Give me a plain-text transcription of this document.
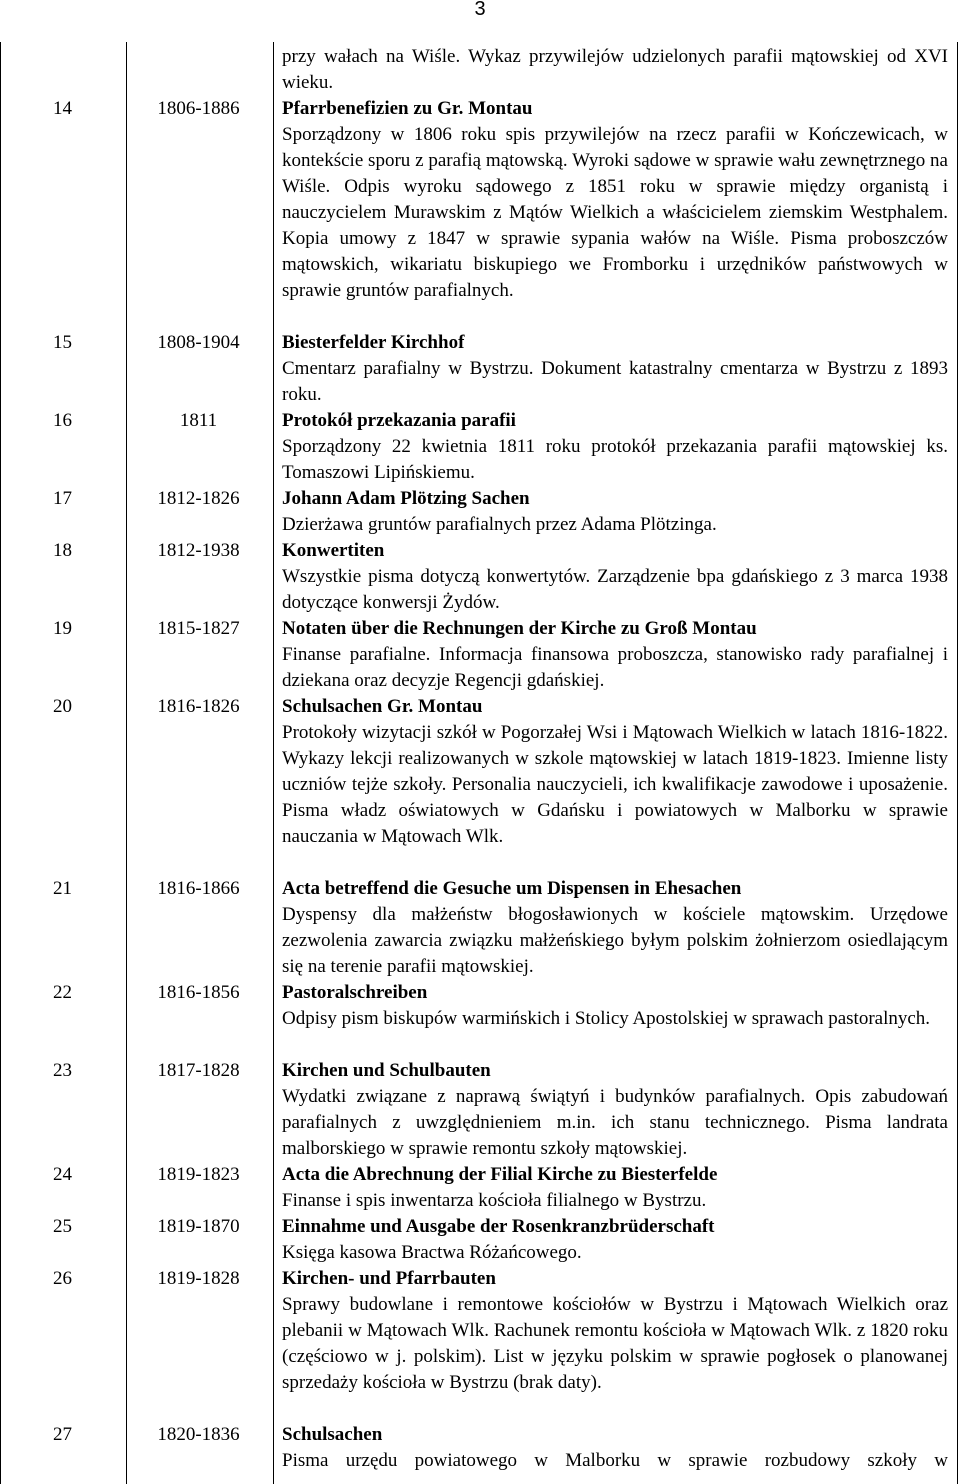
3
przy wałach na Wiśle. Wykaz przywilejów udzielonych parafii mątowskiej od XVI wieku.
14	1806-1886	Pfarrbenefizien zu Gr. Montau
Sporządzony w 1806 roku spis przywilejów na rzecz parafii w Kończewicach, w kontekście sporu z parafią mątowską. Wyroki sądowe w sprawie wału zewnętrznego na Wiśle. Odpis wyroku sądowego z 1851 roku w sprawie między organistą i nauczycielem Murawskim z Mątów Wielkich a właścicielem ziemskim Westphalem. Kopia umowy z 1847 w sprawie sypania wałów na Wiśle. Pisma proboszczów mątowskich, wikariatu biskupiego we Fromborku i urzędników państwowych w sprawie gruntów parafialnych.
15	1808-1904	Biesterfelder Kirchhof
Cmentarz parafialny w Bystrzu. Dokument katastralny cmentarza w Bystrzu z 1893 roku.
16	1811	Protokół przekazania parafii
Sporządzony 22 kwietnia 1811 roku protokół przekazania parafii mątowskiej ks. Tomaszowi Lipińskiemu.
17	1812-1826	Johann Adam Plötzing Sachen
Dzierżawa gruntów parafialnych przez Adama Plötzinga.
18	1812-1938	Konwertiten
Wszystkie pisma dotyczą konwertytów. Zarządzenie bpa gdańskiego z 3 marca 1938 dotyczące konwersji Żydów.
19	1815-1827	Notaten über die Rechnungen der Kirche zu Groß Montau
Finanse parafialne. Informacja finansowa proboszcza, stanowisko rady parafialnej i dziekana oraz decyzje Regencji gdańskiej.
20	1816-1826	Schulsachen Gr. Montau
Protokoły wizytacji szkół w Pogorzałej Wsi i Mątowach Wielkich w latach 1816-1822. Wykazy lekcji realizowanych w szkole mątowskiej w latach 1819-1823. Imienne listy uczniów tejże szkoły. Personalia nauczycieli, ich kwalifikacje zawodowe i uposażenie. Pisma władz oświatowych w Gdańsku i powiatowych w Malborku w sprawie nauczania w Mątowach Wlk.
21	1816-1866	Acta betreffend die Gesuche um Dispensen in Ehesachen
Dyspensy dla małżeństw błogosławionych w kościele mątowskim. Urzędowe zezwolenia zawarcia związku małżeńskiego byłym polskim żołnierzom osiedlającym się na terenie parafii mątowskiej.
22	1816-1856	Pastoralschreiben
Odpisy pism biskupów warmińskich i Stolicy Apostolskiej w sprawach pastoralnych.
23	1817-1828	Kirchen und Schulbauten
Wydatki związane z naprawą świątyń i budynków parafialnych. Opis zabudowań parafialnych z uwzględnieniem m.in. ich stanu technicznego. Pisma landrata malborskiego w sprawie remontu szkoły mątowskiej.
24	1819-1823	Acta die Abrechnung der Filial Kirche zu Biesterfelde
Finanse i spis inwentarza kościoła filialnego w Bystrzu.
25	1819-1870	Einnahme und Ausgabe der Rosenkranzbrüderschaft
Księga kasowa Bractwa Różańcowego.
26	1819-1828	Kirchen- und Pfarrbauten
Sprawy budowlane i remontowe kościołów w Bystrzu i Mątowach Wielkich oraz plebanii w Mątowach Wlk. Rachunek remontu kościoła w Mątowach Wlk. z 1820 roku (częściowo w j. polskim). List w języku polskim w sprawie pogłosek o planowanej sprzedaży kościoła w Bystrzu (brak daty).
27	1820-1836	Schulsachen
Pisma urzędu powiatowego w Malborku w sprawie rozbudowy szkoły w
